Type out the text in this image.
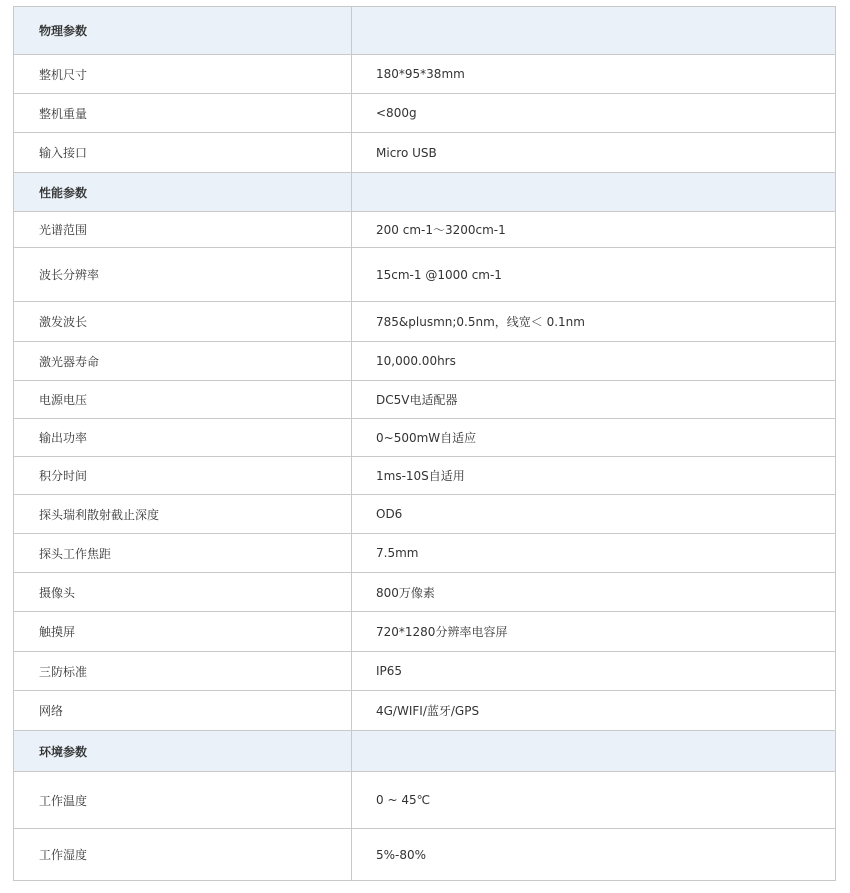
物理参数	
整机尺寸	180*95*38mm
整机重量	<800g
输入接口	Micro USB
性能参数	
光谱范围	200 cm-1～3200cm-1
波长分辨率	15cm-1 @1000 cm-1
激发波长	785&plusmn;0.5nm，线宽＜ 0.1nm
激光器寿命	10,000.00hrs
电源电压	DC5V电适配器
输出功率	0~500mW自适应
积分时间	1ms-10S自适用
探头瑞利散射截止深度	OD6
探头工作焦距	7.5mm
摄像头	800万像素
触摸屏	720*1280分辨率电容屏
三防标准	IP65
网络	4G/WIFI/蓝牙/GPS
环境参数	
工作温度	0 ~ 45℃
工作湿度	5%-80%
